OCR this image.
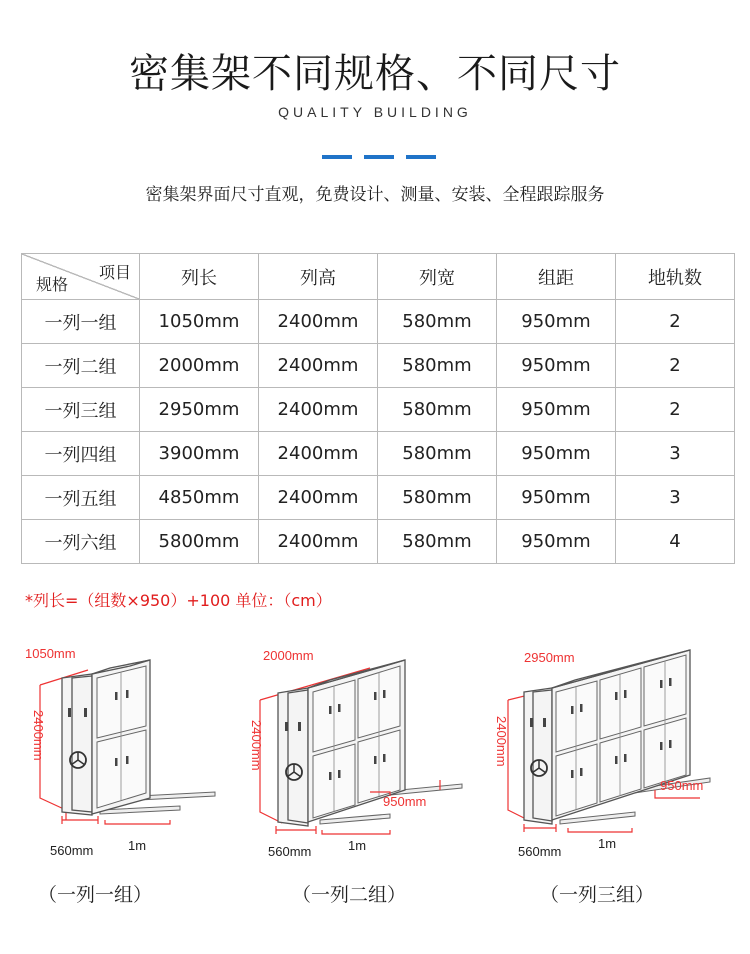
密集架不同规格、不同尺寸
QUALITY BUILDING
密集架界面尺寸直观，免费设计、测量、安装、全程跟踪服务
项目
规格	列长	列高	列宽	组距	地轨数
一列一组	1050mm	2400mm	580mm	950mm	2
一列二组	2000mm	2400mm	580mm	950mm	2
一列三组	2950mm	2400mm	580mm	950mm	2
一列四组	3900mm	2400mm	580mm	950mm	3
一列五组	4850mm	2400mm	580mm	950mm	3
一列六组	5800mm	2400mm	580mm	950mm	4
*列长=（组数×950）+100 单位：（cm）
1050mm
2400mm
560mm	1m
2000mm
2400mm
950mm
560mm	1m
2950mm
2400mm
950mm
560mm
1m
（一列一组）	（一列二组）	（一列三组）
